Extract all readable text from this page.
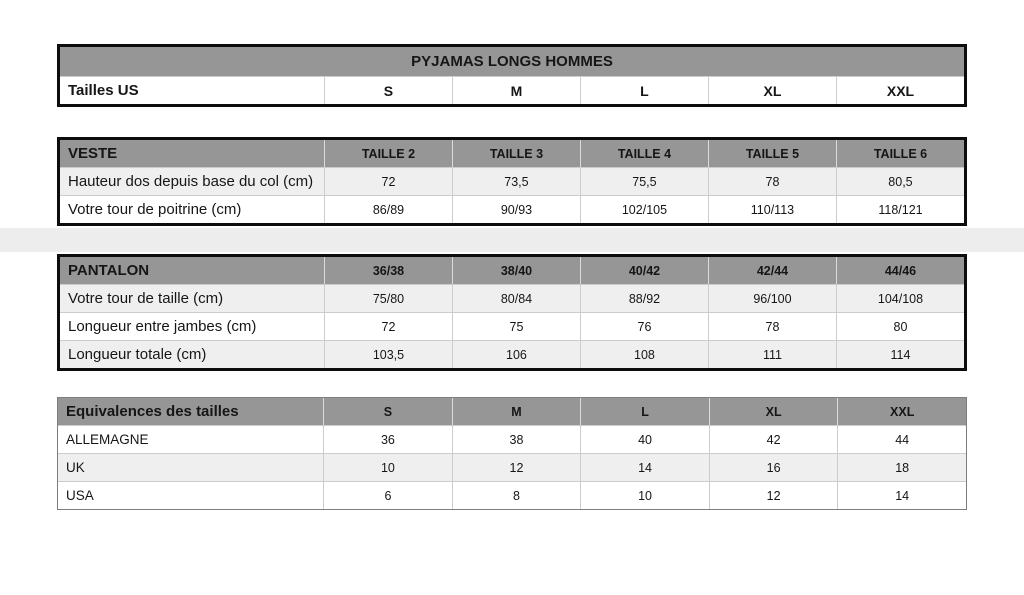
PYJAMAS LONGS HOMMES
Tailles US	S	M	L	XL	XXL
VESTE	TAILLE 2	TAILLE 3	TAILLE 4	TAILLE 5	TAILLE 6
Hauteur dos depuis base du col (cm)	72	73,5	75,5	78	80,5
Votre tour de poitrine (cm)	86/89	90/93	102/105	110/113	118/121
PANTALON	36/38	38/40	40/42	42/44	44/46
Votre tour de taille (cm)	75/80	80/84	88/92	96/100	104/108
Longueur entre jambes (cm)	72	75	76	78	80
Longueur totale (cm)	103,5	106	108	111	114
Equivalences des tailles	S	M	L	XL	XXL
ALLEMAGNE	36	38	40	42	44
UK	10	12	14	16	18
USA	6	8	10	12	14
